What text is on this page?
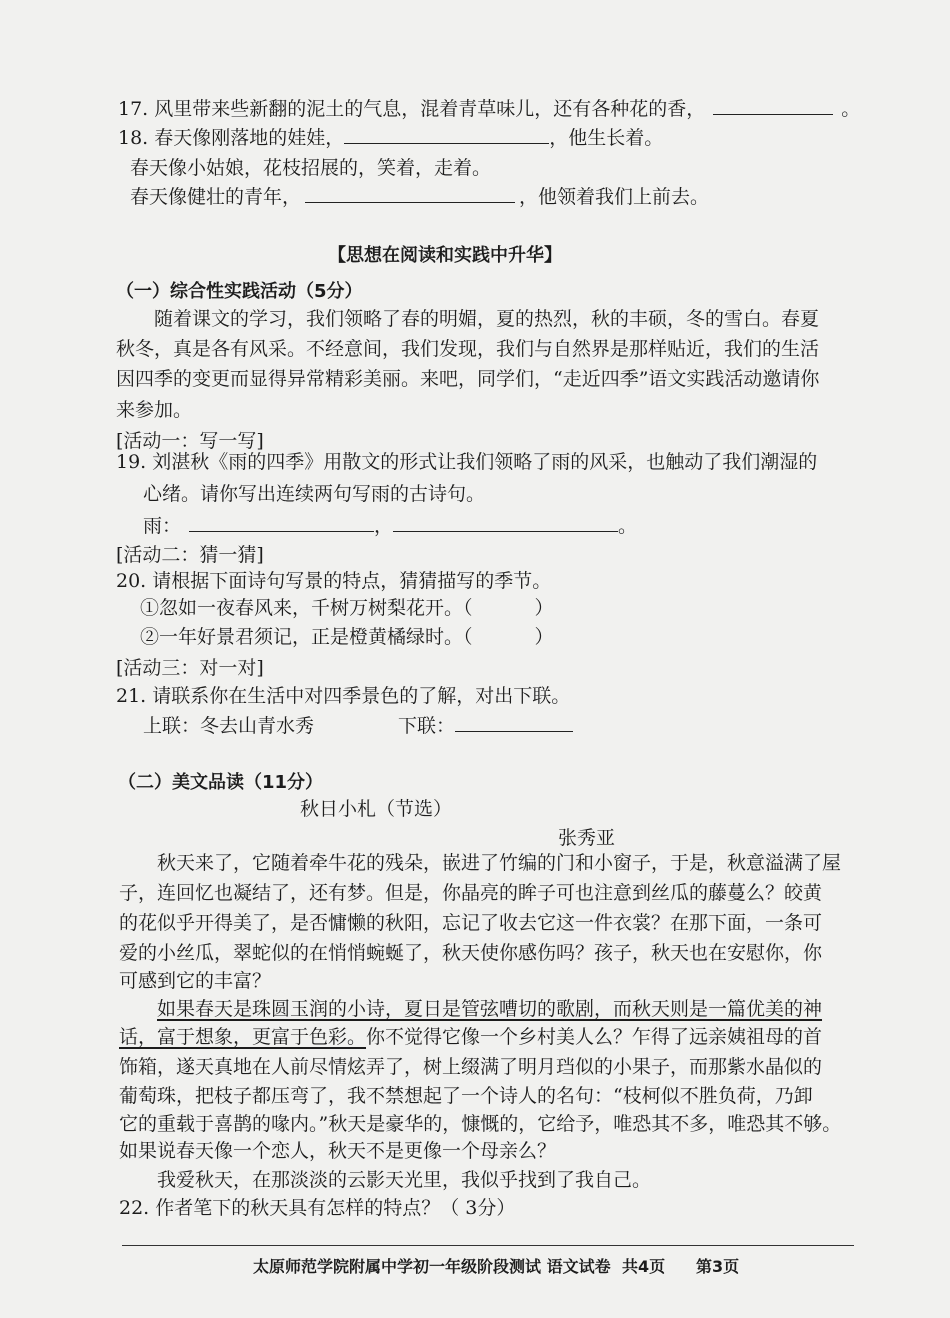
17. 风里带来些新翻的泥土的气息，混着青草味儿，还有各种花的香，	。
18. 春天像刚落地的娃娃，	，他生长着。
春天像小姑娘，花枝招展的，笑着，走着。
春天像健壮的青年，	，他领着我们上前去。
【思想在阅读和实践中升华】
（一）综合性实践活动（5分）
随着课文的学习，我们领略了春的明媚，夏的热烈，秋的丰硕，冬的雪白。春夏
秋冬，真是各有风采。不经意间，我们发现，我们与自然界是那样贴近，我们的生活
因四季的变更而显得异常精彩美丽。来吧，同学们，“走近四季”语文实践活动邀请你
来参加。
[活动一：写一写]
19. 刘湛秋《雨的四季》用散文的形式让我们领略了雨的风采，也触动了我们潮湿的
心绪。请你写出连续两句写雨的古诗句。
雨：	，	。
[活动二：猜一猜]
20. 请根据下面诗句写景的特点，猜猜描写的季节。
①忽如一夜春风来，千树万树梨花开。（	）
②一年好景君须记，正是橙黄橘绿时。（	）
[活动三：对一对]
21. 请联系你在生活中对四季景色的了解，对出下联。
上联：冬去山青水秀	下联：
（二）美文品读（11分）
秋日小札（节选）
张秀亚
秋天来了，它随着牵牛花的残朵，嵌进了竹编的门和小窗子，于是，秋意溢满了屋
子，连回忆也凝结了，还有梦。但是，你晶亮的眸子可也注意到丝瓜的藤蔓么？皎黄
的花似乎开得美了，是否慵懒的秋阳，忘记了收去它这一件衣裳？在那下面，一条可
爱的小丝瓜，翠蛇似的在悄悄蜿蜒了，秋天使你感伤吗？孩子，秋天也在安慰你，你
可感到它的丰富？
如果春天是珠圆玉润的小诗，夏日是管弦嘈切的歌剧，而秋天则是一篇优美的神
话，富于想象，更富于色彩。你不觉得它像一个乡村美人么？乍得了远亲姨祖母的首
饰箱，遂天真地在人前尽情炫弄了，树上缀满了明月珰似的小果子，而那紫水晶似的
葡萄珠，把枝子都压弯了，我不禁想起了一个诗人的名句：“枝柯似不胜负荷，乃卸
它的重载于喜鹊的喙内。”秋天是豪华的，慷慨的，它给予，唯恐其不多，唯恐其不够。
如果说春天像一个恋人，秋天不是更像一个母亲么？
我爱秋天，在那淡淡的云影天光里，我似乎找到了我自己。
22. 作者笔下的秋天具有怎样的特点？（ 3分）
太原师范学院附属中学初一年级阶段测试 语文试卷 共4页 第3页
